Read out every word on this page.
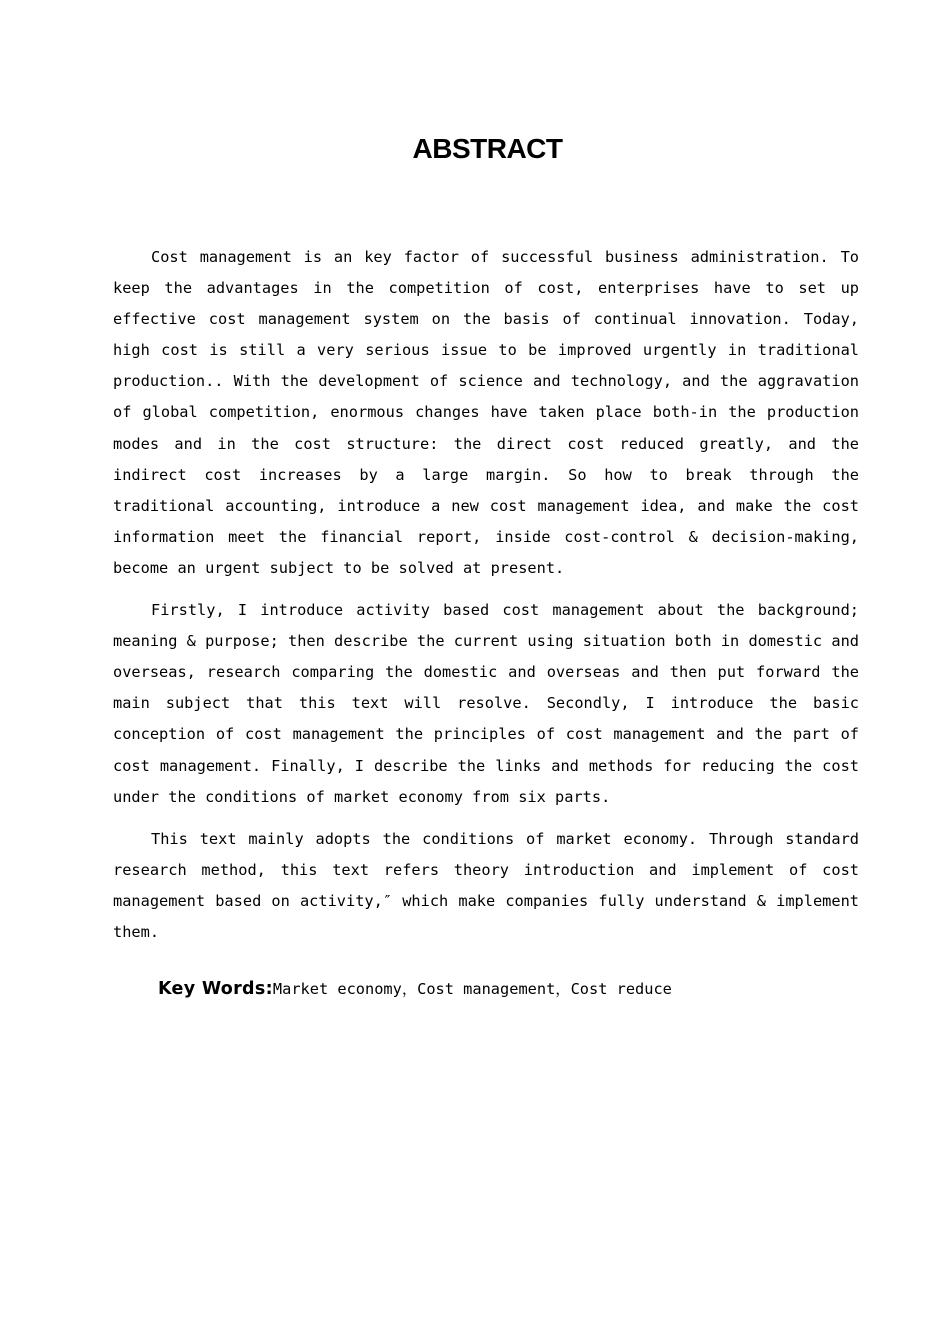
ABSTRACT

Cost management is an key factor of successful business administration. To keep the advantages in the competition of cost, enterprises have to set up effective cost management system on the basis of continual innovation. Today, high cost is still a very serious issue to be improved urgently in traditional production.. With the development of science and technology, and the aggravation of global competition, enormous changes have taken place both-in the production modes and in the cost structure: the direct cost reduced greatly, and the indirect cost increases by a large margin. So how to break through the traditional accounting, introduce a new cost management idea, and make the cost information meet the financial report, inside cost-control & decision-making, become an urgent subject to be solved at present.

Firstly, I introduce activity based cost management about the background; meaning & purpose; then describe the current using situation both in domestic and overseas, research comparing the domestic and overseas and then put forward the main subject that this text will resolve. Secondly, I introduce the basic conception of cost management the principles of cost management and the part of cost management. Finally, I describe the links and methods for reducing the cost under the conditions of market economy from six parts.

This text mainly adopts the conditions of market economy. Through standard research method, this text refers theory introduction and implement of cost management based on activity,″ which make companies fully understand & implement them.

Key Words:Market economy，Cost management，Cost reduce
